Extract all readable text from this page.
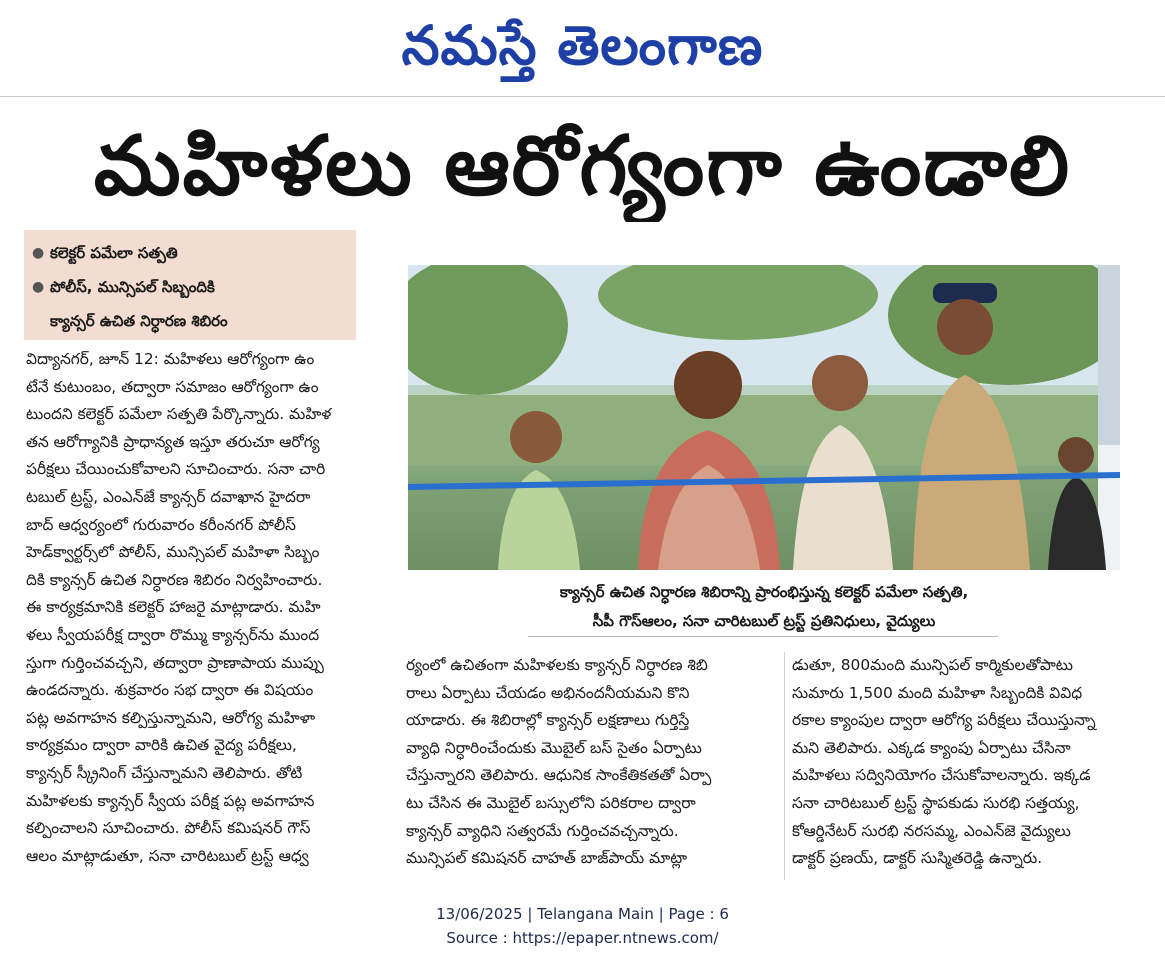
నమస్తే తెలంగాణ
మహిళలు ఆరోగ్యంగా ఉండాలి
● కలెక్టర్ పమేలా సత్పతి
● పోలీస్, మున్సిపల్ సిబ్బందికి
క్యాన్సర్ ఉచిత నిర్ధారణ శిబిరం
విద్యానగర్, జూన్ 12: మహిళలు ఆరోగ్యంగా ఉం
టేనే కుటుంబం, తద్వారా సమాజం ఆరోగ్యంగా ఉం
టుందని కలెక్టర్ పమేలా సత్పతి పేర్కొన్నారు. మహిళ
తన ఆరోగ్యానికి ప్రాధాన్యత ఇస్తూ తరుచూ ఆరోగ్య
పరీక్షలు చేయించుకోవాలని సూచించారు. సనా చారి
టబుల్ ట్రస్ట్, ఎంఎన్‌జే క్యాన్సర్ దవాఖాన హైదరా
బాద్ ఆధ్వర్యంలో గురువారం కరీంనగర్ పోలీస్
హెడ్‌క్వార్టర్స్‌లో పోలీస్, మున్సిపల్ మహిళా సిబ్బం
దికి క్యాన్సర్ ఉచిత నిర్ధారణ శిబిరం నిర్వహించారు.
ఈ కార్యక్రమానికి కలెక్టర్ హాజరై మాట్లాడారు. మహి
ళలు స్వీయపరీక్ష ద్వారా రొమ్ము క్యాన్సర్‌ను ముంద
స్తుగా గుర్తించవచ్చని, తద్వారా ప్రాణాపాయ ముప్పు
ఉండదన్నారు. శుక్రవారం సభ ద్వారా ఈ విషయం
పట్ల అవగాహన కల్పిస్తున్నామని, ఆరోగ్య మహిళా
కార్యక్రమం ద్వారా వారికి ఉచిత వైద్య పరీక్షలు,
క్యాన్సర్ స్క్రీనింగ్ చేస్తున్నామని తెలిపారు. తోటి
మహిళలకు క్యాన్సర్ స్వీయ పరీక్ష పట్ల అవగాహన
కల్పించాలని సూచించారు. పోలీస్ కమిషనర్ గౌస్
ఆలం మాట్లాడుతూ, సనా చారిటబుల్ ట్రస్ట్ ఆధ్వ
క్యాన్సర్ ఉచిత నిర్ధారణ శిబిరాన్ని ప్రారంభిస్తున్న కలెక్టర్ పమేలా సత్పతి,
సీపీ గౌస్‌ఆలం, సనా చారిటబుల్ ట్రస్ట్ ప్రతినిధులు, వైద్యులు
ర్యంలో ఉచితంగా మహిళలకు క్యాన్సర్ నిర్ధారణ శిబి
రాలు ఏర్పాటు చేయడం అభినందనీయమని కొని
యాడారు. ఈ శిబిరాల్లో క్యాన్సర్ లక్షణాలు గుర్తిస్తే
వ్యాధి నిర్ధారించేందుకు మొబైల్ బస్ సైతం ఏర్పాటు
చేస్తున్నారని తెలిపారు. ఆధునిక సాంకేతికతతో ఏర్పా
టు చేసిన ఈ మొబైల్ బస్సులోని పరికరాల ద్వారా
క్యాన్సర్ వ్యాధిని సత్వరమే గుర్తించవచ్చన్నారు.
మున్సిపల్ కమిషనర్ చాహత్ బాజ్‌పాయ్ మాట్లా
డుతూ, 800మంది మున్సిపల్ కార్మికులతోపాటు
సుమారు 1,500 మంది మహిళా సిబ్బందికి వివిధ
రకాల క్యాంపుల ద్వారా ఆరోగ్య పరీక్షలు చేయిస్తున్నా
మని తెలిపారు. ఎక్కడ క్యాంపు ఏర్పాటు చేసినా
మహిళలు సద్వినియోగం చేసుకోవాలన్నారు. ఇక్కడ
సనా చారిటబుల్ ట్రస్ట్ స్థాపకుడు సురభి సత్తయ్య,
కోఆర్డినేటర్ సురభి నరసమ్మ, ఎంఎన్‌జె వైద్యులు
డాక్టర్ ప్రణయ్, డాక్టర్ సుస్మితరెడ్డి ఉన్నారు.
13/06/2025 | Telangana Main | Page : 6
Source : https://epaper.ntnews.com/
